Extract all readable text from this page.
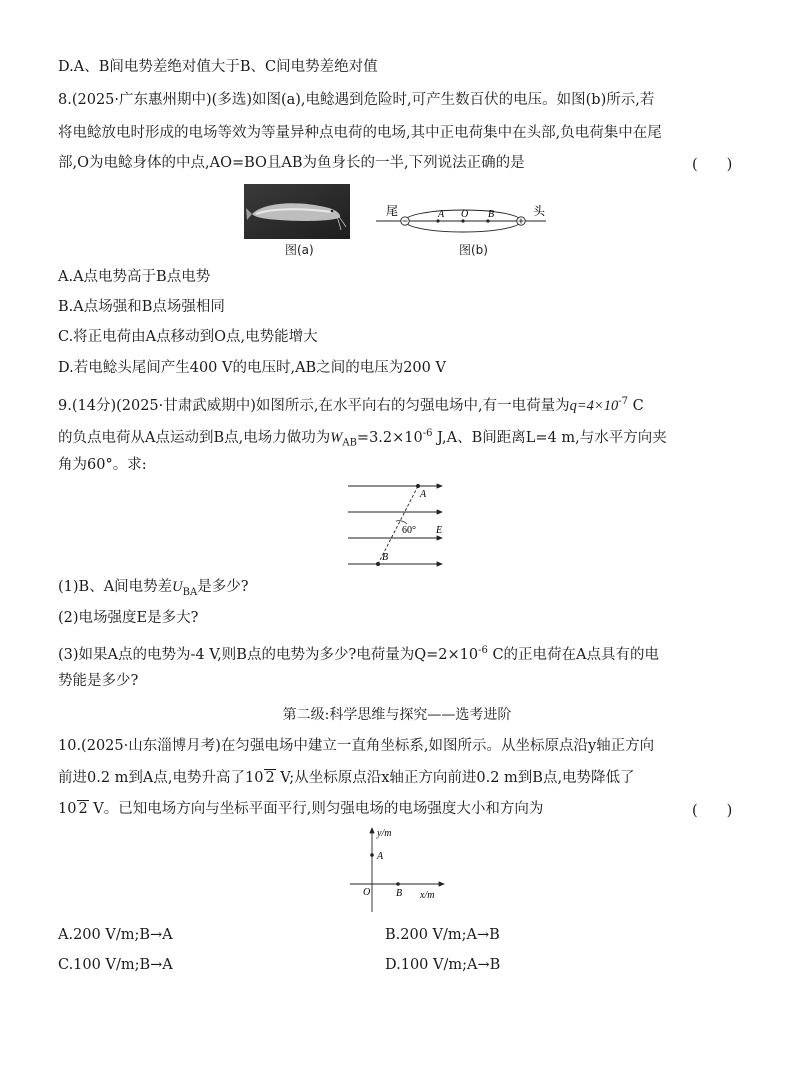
D.A、B间电势差绝对值大于B、C间电势差绝对值
8.(2025·广东惠州期中)(多选)如图(a),电鲶遇到危险时,可产生数百伏的电压。如图(b)所示,若
将电鲶放电时形成的电场等效为等量异种点电荷的电场,其中正电荷集中在头部,负电荷集中在尾
部,O为电鲶身体的中点,AO=BO且AB为鱼身长的一半,下列说法正确的是	(　　)
图(a)
尾	头
A O B
图(b)
A.A点电势高于B点电势
B.A点场强和B点场强相同
C.将正电荷由A点移动到O点,电势能增大
D.若电鲶头尾间产生400 V的电压时,AB之间的电压为200 V
9.(14分)(2025·甘肃武威期中)如图所示,在水平向右的匀强电场中,有一电荷量为$q=4\times 10^{-7}$ C
的负点电荷从A点运动到B点,电场力做功为$W_{AB}=3.2\times 10^{-6}$ J,A、B间距离L=4 m,与水平方向夹
角为60°。求:
A
B
60° E
(1)B、A间电势差$U_{BA}$是多少?
(2)电场强度E是多大?
(3)如果A点的电势为-4 V,则B点的电势为多少?电荷量为$Q=2\times 10^{-6}$ C的正电荷在A点具有的电
势能是多少?
第二级:科学思维与探究——选考进阶
10.(2025·山东淄博月考)在匀强电场中建立一直角坐标系,如图所示。从坐标原点沿y轴正方向
前进0.2 m到A点,电势升高了10 2 V;从坐标原点沿x轴正方向前进0.2 m到B点,电势降低了
10 2 V。已知电场方向与坐标平面平行,则匀强电场的电场强度大小和方向为	(　　)
y/m
x/m
O
A
B
A.200 V/m;B→A	B.200 V/m;A→B
C.100 V/m;B→A	D.100 V/m;A→B
